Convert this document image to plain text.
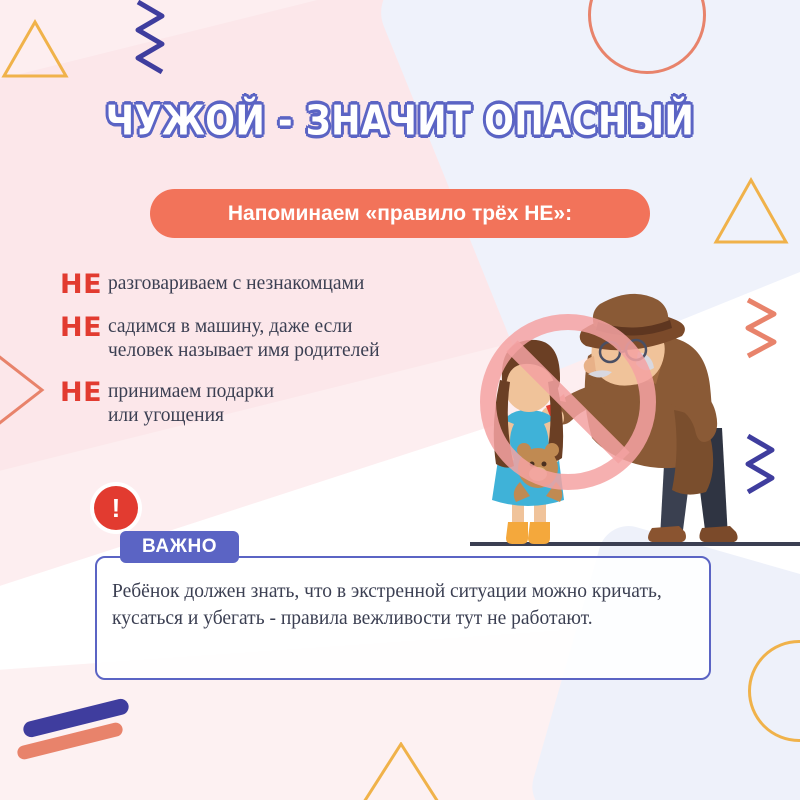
ЧУЖОЙ - ЗНАЧИТ ОПАСНЫЙ
Напоминаем «правило трёх НЕ»:
НЕ разговариваем с незнакомцами
НЕ садимся в машину, даже если
человек называет имя родителей
НЕ принимаем подарки
или угощения
!
ВАЖНО
Ребёнок должен знать, что в экстренной ситуации можно кричать, кусаться и убегать - правила вежливости тут не работают.
